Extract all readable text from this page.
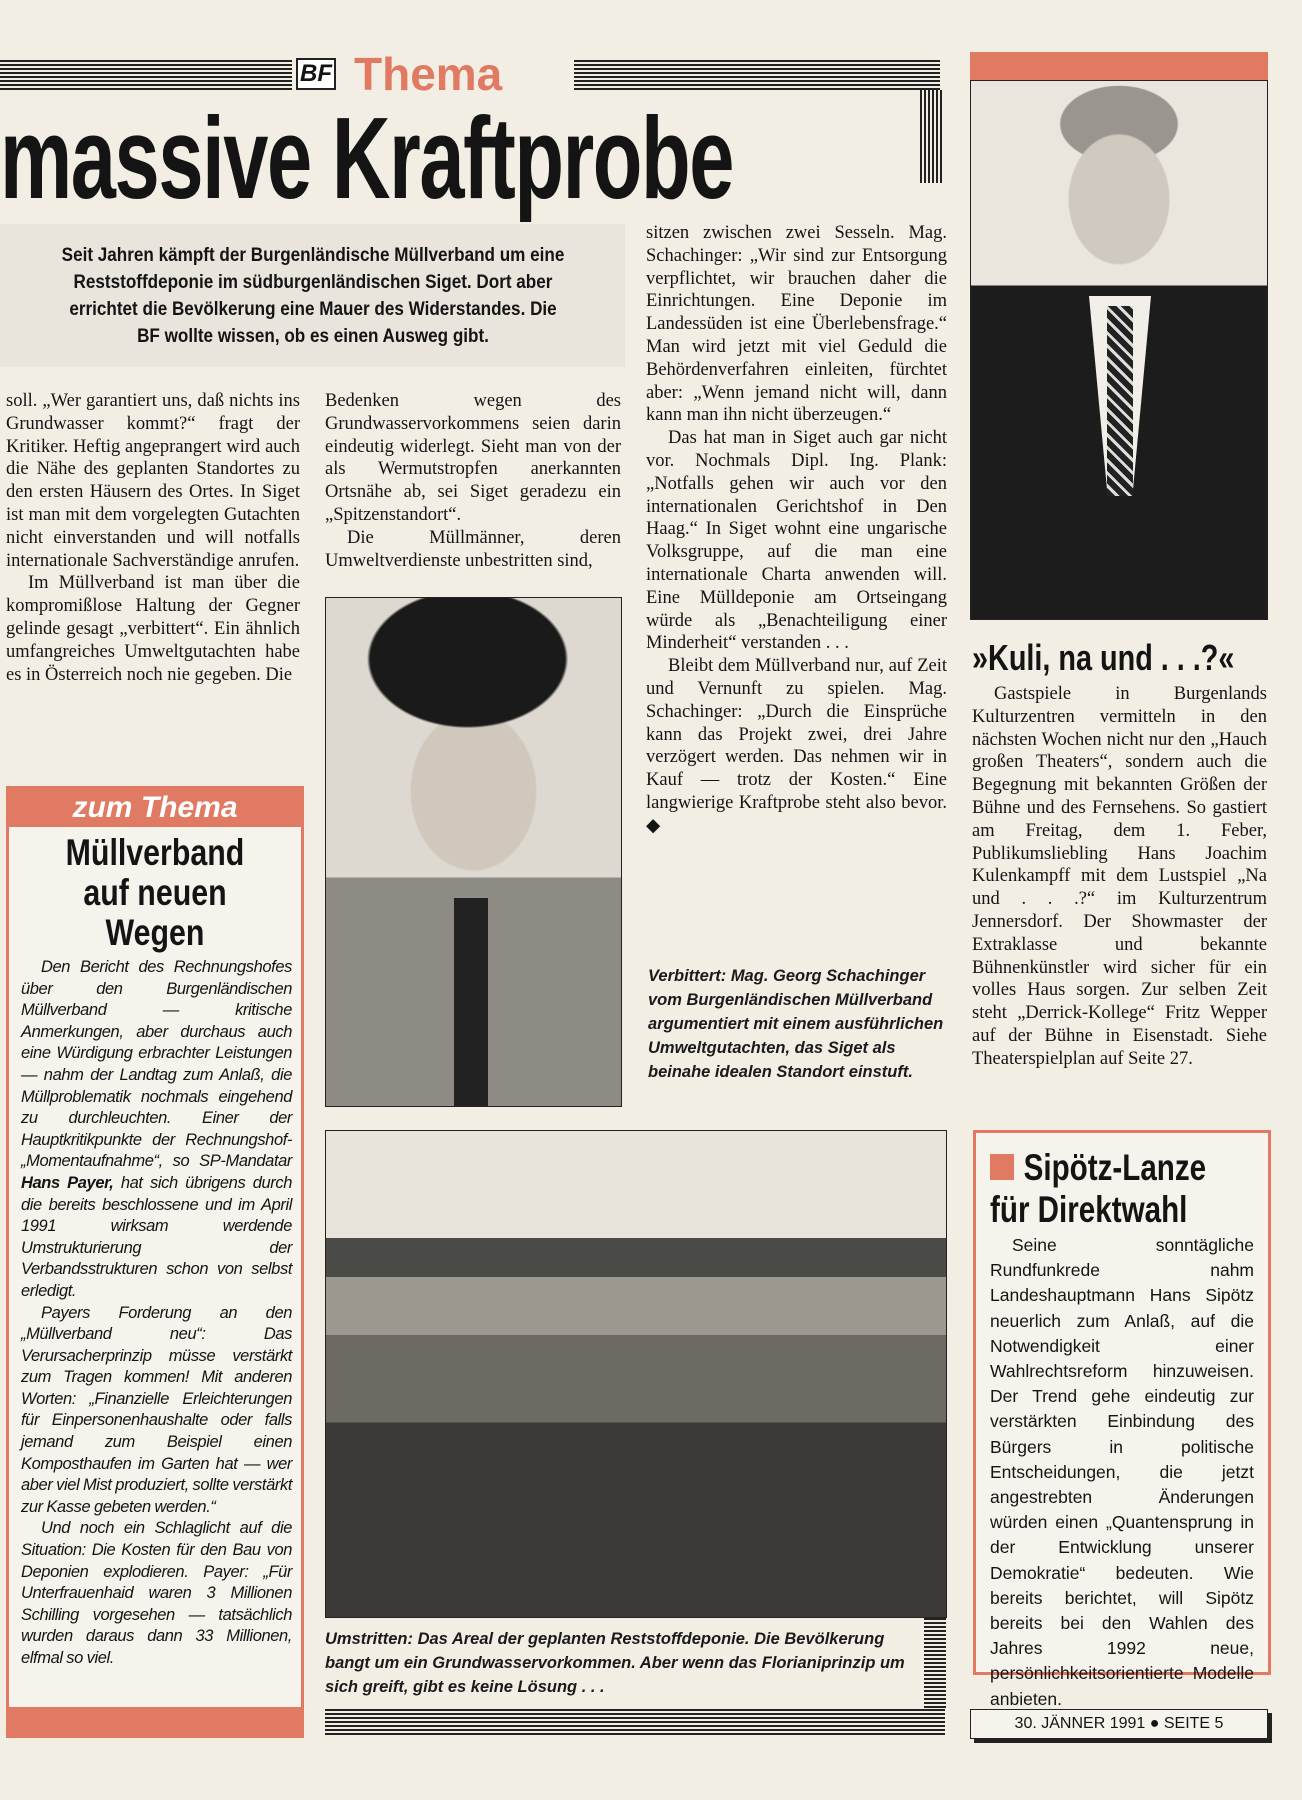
BF Thema
massive Kraftprobe
Seit Jahren kämpft der Burgenländische Müllverband um eine Reststoffdeponie im südburgenländischen Siget. Dort aber errichtet die Bevölkerung eine Mauer des Widerstandes. Die BF wollte wissen, ob es einen Ausweg gibt.

soll. „Wer garantiert uns, daß nichts ins Grundwasser kommt?“ fragt der Kritiker. Heftig angeprangert wird auch die Nähe des geplanten Standortes zu den ersten Häusern des Ortes. In Siget ist man mit dem vorgelegten Gutachten nicht einverstanden und will notfalls internationale Sachverständige anrufen.

Im Müllverband ist man über die kompromißlose Haltung der Gegner gelinde gesagt „verbittert“. Ein ähnlich umfangreiches Umweltgutachten habe es in Österreich noch nie gegeben. Die

Bedenken wegen des Grundwasservorkommens seien darin eindeutig widerlegt. Sieht man von der als Wermutstropfen anerkannten Ortsnähe ab, sei Siget geradezu ein „Spitzenstandort“.

Die Müllmänner, deren Umweltverdienste unbestritten sind,

sitzen zwischen zwei Sesseln. Mag. Schachinger: „Wir sind zur Entsorgung verpflichtet, wir brauchen daher die Einrichtungen. Eine Deponie im Landessüden ist eine Überlebensfrage.“ Man wird jetzt mit viel Geduld die Behördenverfahren einleiten, fürchtet aber: „Wenn jemand nicht will, dann kann man ihn nicht überzeugen.“

Das hat man in Siget auch gar nicht vor. Nochmals Dipl. Ing. Plank: „Notfalls gehen wir auch vor den internationalen Gerichtshof in Den Haag.“ In Siget wohnt eine ungarische Volksgruppe, auf die man eine internationale Charta anwenden will. Eine Mülldeponie am Ortseingang würde als „Benachteiligung einer Minderheit“ verstanden . . .

Bleibt dem Müllverband nur, auf Zeit und Vernunft zu spielen. Mag. Schachinger: „Durch die Einsprüche kann das Projekt zwei, drei Jahre verzögert werden. Das nehmen wir in Kauf — trotz der Kosten.“ Eine langwierige Kraftprobe steht also bevor. ◆

Verbittert: Mag. Georg Schachinger vom Burgenländischen Müllverband argumentiert mit einem ausführlichen Umweltgutachten, das Siget als beinahe idealen Standort einstuft.
Umstritten: Das Areal der geplanten Reststoffdeponie. Die Bevölkerung bangt um ein Grundwasservorkommen. Aber wenn das Florianiprinzip um sich greift, gibt es keine Lösung . . .
zum Thema
Müllverband
auf neuen Wegen

Den Bericht des Rechnungshofes über den Burgenländischen Müllverband — kritische Anmerkungen, aber durchaus auch eine Würdigung erbrachter Leistungen — nahm der Landtag zum Anlaß, die Müllproblematik nochmals eingehend zu durchleuchten. Einer der Hauptkritikpunkte der Rechnungshof-„Momentaufnahme“, so SP-Mandatar Hans Payer, hat sich übrigens durch die bereits beschlossene und im April 1991 wirksam werdende Umstrukturierung der Verbandsstrukturen schon von selbst erledigt.

Payers Forderung an den „Müllverband neu“: Das Verursacherprinzip müsse verstärkt zum Tragen kommen! Mit anderen Worten: „Finanzielle Erleichterungen für Einpersonenhaushalte oder falls jemand zum Beispiel einen Komposthaufen im Garten hat — wer aber viel Mist produziert, sollte verstärkt zur Kasse gebeten werden.“

Und noch ein Schlaglicht auf die Situation: Die Kosten für den Bau von Deponien explodieren. Payer: „Für Unterfrauenhaid waren 3 Millionen Schilling vorgesehen — tatsächlich wurden daraus dann 33 Millionen, elfmal so viel.

»Kuli, na und . . .?«

Gastspiele in Burgenlands Kulturzentren vermitteln in den nächsten Wochen nicht nur den „Hauch großen Theaters“, sondern auch die Begegnung mit bekannten Größen der Bühne und des Fernsehens. So gastiert am Freitag, dem 1. Feber, Publikumsliebling Hans Joachim Kulenkampff mit dem Lustspiel „Na und . . .?“ im Kulturzentrum Jennersdorf. Der Showmaster der Extraklasse und bekannte Bühnenkünstler wird sicher für ein volles Haus sorgen. Zur selben Zeit steht „Derrick-Kollege“ Fritz Wepper auf der Bühne in Eisenstadt. Siehe Theaterspielplan auf Seite 27.

Sipötz-Lanze
für Direktwahl

Seine sonntägliche Rundfunkrede nahm Landeshauptmann Hans Sipötz neuerlich zum Anlaß, auf die Notwendigkeit einer Wahlrechtsreform hinzuweisen. Der Trend gehe eindeutig zur verstärkten Einbindung des Bürgers in politische Entscheidungen, die jetzt angestrebten Änderungen würden einen „Quantensprung in der Entwicklung unserer Demokratie“ bedeuten. Wie bereits berichtet, will Sipötz bereits bei den Wahlen des Jahres 1992 neue, persönlichkeitsorientierte Modelle anbieten.

30. JÄNNER 1991 ● SEITE 5
